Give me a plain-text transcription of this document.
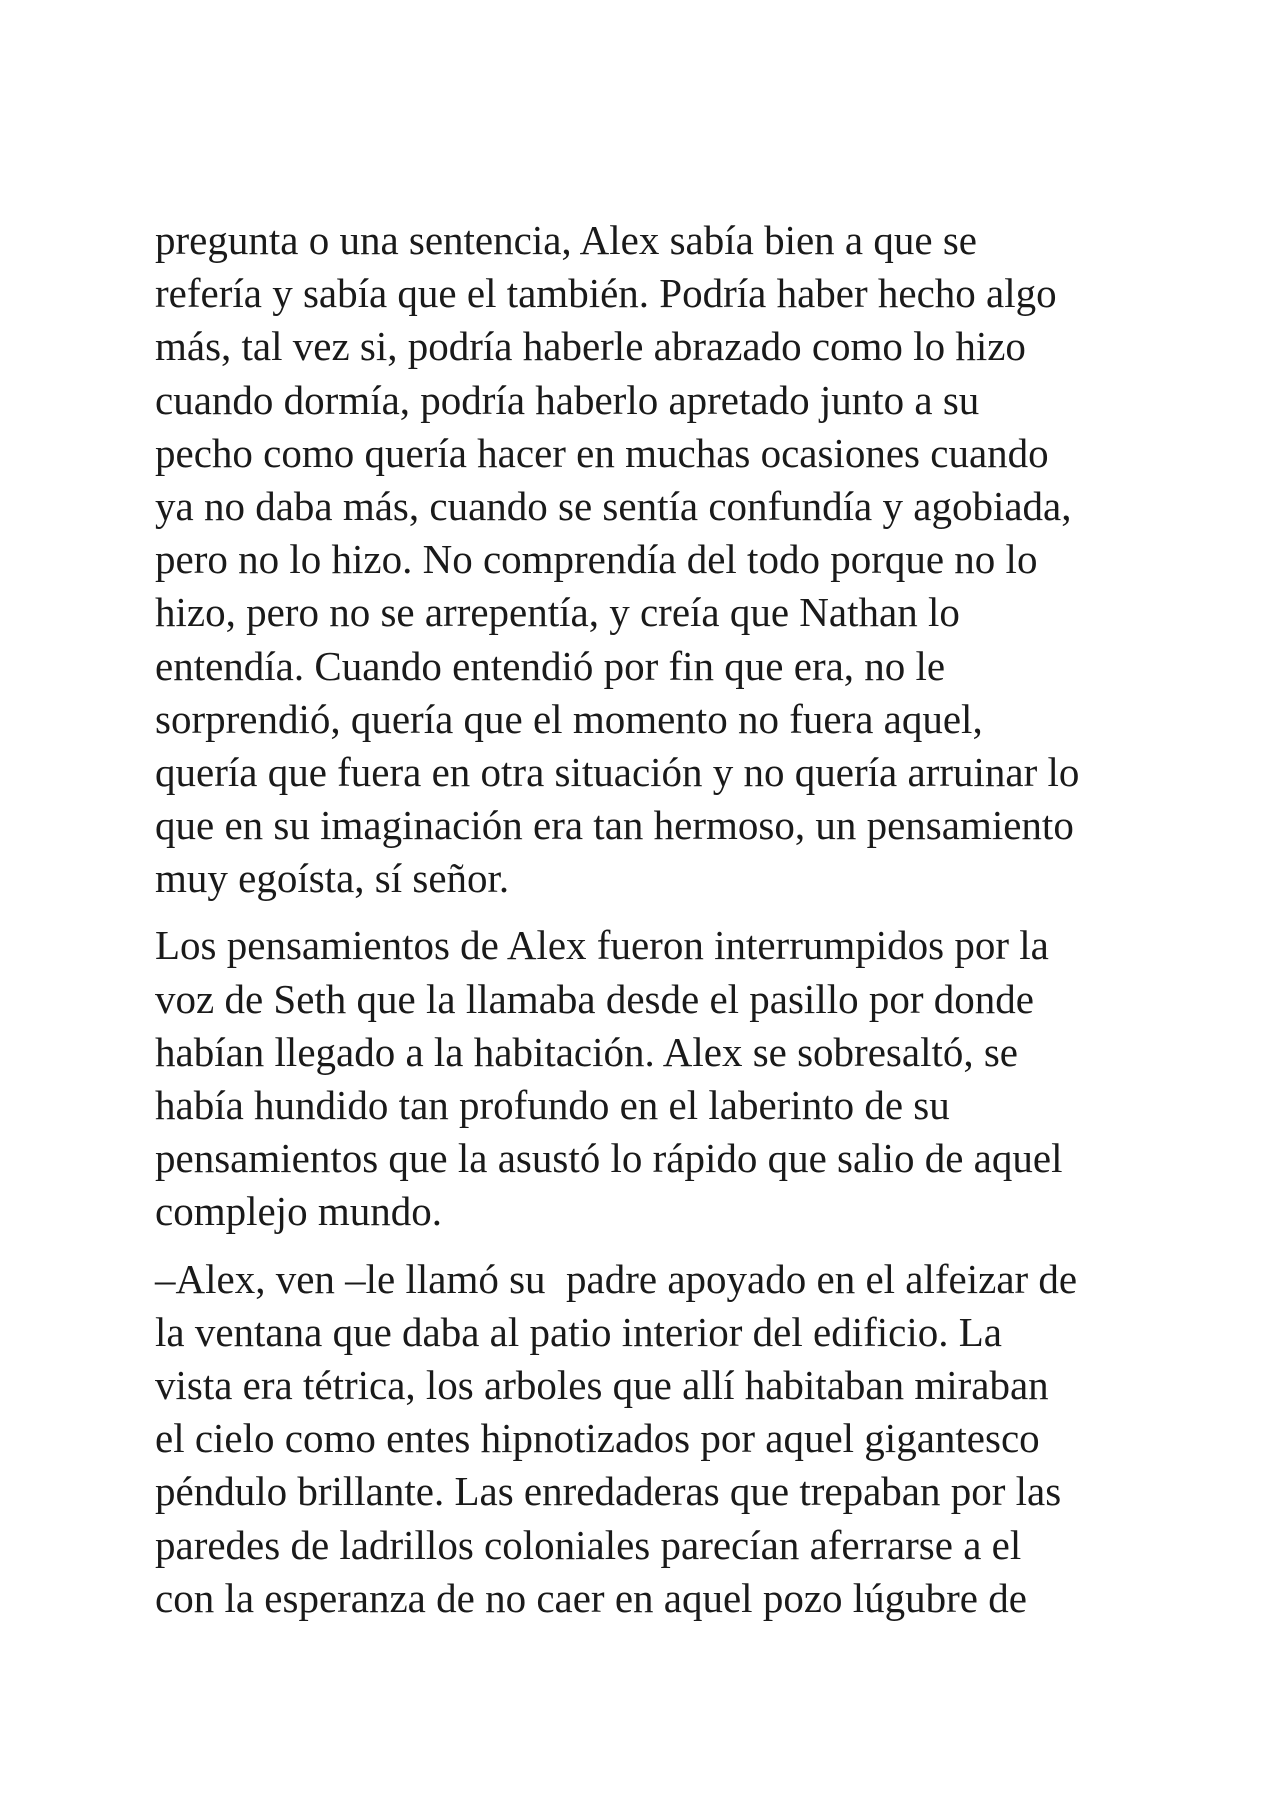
pregunta o una sentencia, Alex sabía bien a que se
refería y sabía que el también. Podría haber hecho algo
más, tal vez si, podría haberle abrazado como lo hizo
cuando dormía, podría haberlo apretado junto a su
pecho como quería hacer en muchas ocasiones cuando
ya no daba más, cuando se sentía confundía y agobiada,
pero no lo hizo. No comprendía del todo porque no lo
hizo, pero no se arrepentía, y creía que Nathan lo
entendía. Cuando entendió por fin que era, no le
sorprendió, quería que el momento no fuera aquel,
quería que fuera en otra situación y no quería arruinar lo
que en su imaginación era tan hermoso, un pensamiento
muy egoísta, sí señor.

Los pensamientos de Alex fueron interrumpidos por la
voz de Seth que la llamaba desde el pasillo por donde
habían llegado a la habitación. Alex se sobresaltó, se
había hundido tan profundo en el laberinto de su
pensamientos que la asustó lo rápido que salio de aquel
complejo mundo.

–Alex, ven –le llamó su  padre apoyado en el alfeizar de
la ventana que daba al patio interior del edificio. La
vista era tétrica, los arboles que allí habitaban miraban
el cielo como entes hipnotizados por aquel gigantesco
péndulo brillante. Las enredaderas que trepaban por las
paredes de ladrillos coloniales parecían aferrarse a el
con la esperanza de no caer en aquel pozo lúgubre de
